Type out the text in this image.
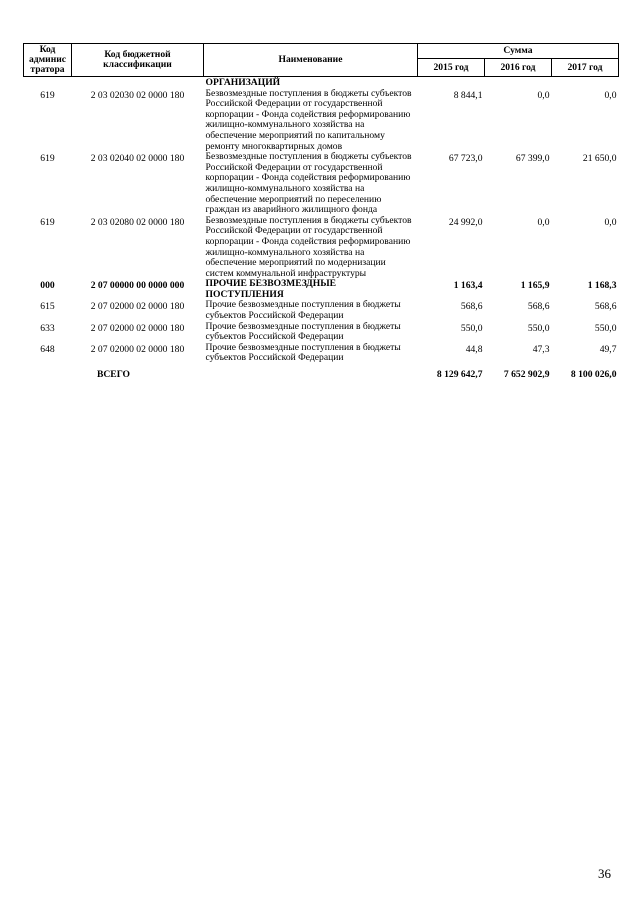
Код админис тратора	Код бюджетной классификации	Наименование	Сумма		
			2015 год	2016 год	2017 год
		ОРГАНИЗАЦИЙ			
619	2 03 02030 02 0000 180	Безвозмездные поступления в бюджеты субъектов Российской Федерации от государственной корпорации - Фонда содействия реформированию жилищно-коммунального хозяйства на обеспечение мероприятий по капитальному ремонту многоквартирных домов	8 844,1	0,0	0,0
619	2 03 02040 02 0000 180	Безвозмездные поступления в бюджеты субъектов Российской Федерации от государственной корпорации - Фонда содействия реформированию жилищно-коммунального хозяйства на обеспечение мероприятий по переселению граждан из аварийного жилищного фонда	67 723,0	67 399,0	21 650,0
619	2 03 02080 02 0000 180	Безвозмездные поступления в бюджеты субъектов Российской Федерации от государственной корпорации - Фонда содействия реформированию жилищно-коммунального хозяйства на обеспечение мероприятий по модернизации систем коммунальной инфраструктуры	24 992,0	0,0	0,0
000	2 07 00000 00 0000 000	ПРОЧИЕ БЕЗВОЗМЕЗДНЫЕ ПОСТУПЛЕНИЯ	1 163,4	1 165,9	1 168,3
615	2 07 02000 02 0000 180	Прочие безвозмездные поступления в бюджеты субъектов Российской Федерации	568,6	568,6	568,6
633	2 07 02000 02 0000 180	Прочие безвозмездные поступления в бюджеты субъектов Российской Федерации	550,0	550,0	550,0
648	2 07 02000 02 0000 180	Прочие безвозмездные поступления в бюджеты субъектов Российской Федерации	44,8	47,3	49,7
ВСЕГО			8 129 642,7	7 652 902,9	8 100 026,0
36
